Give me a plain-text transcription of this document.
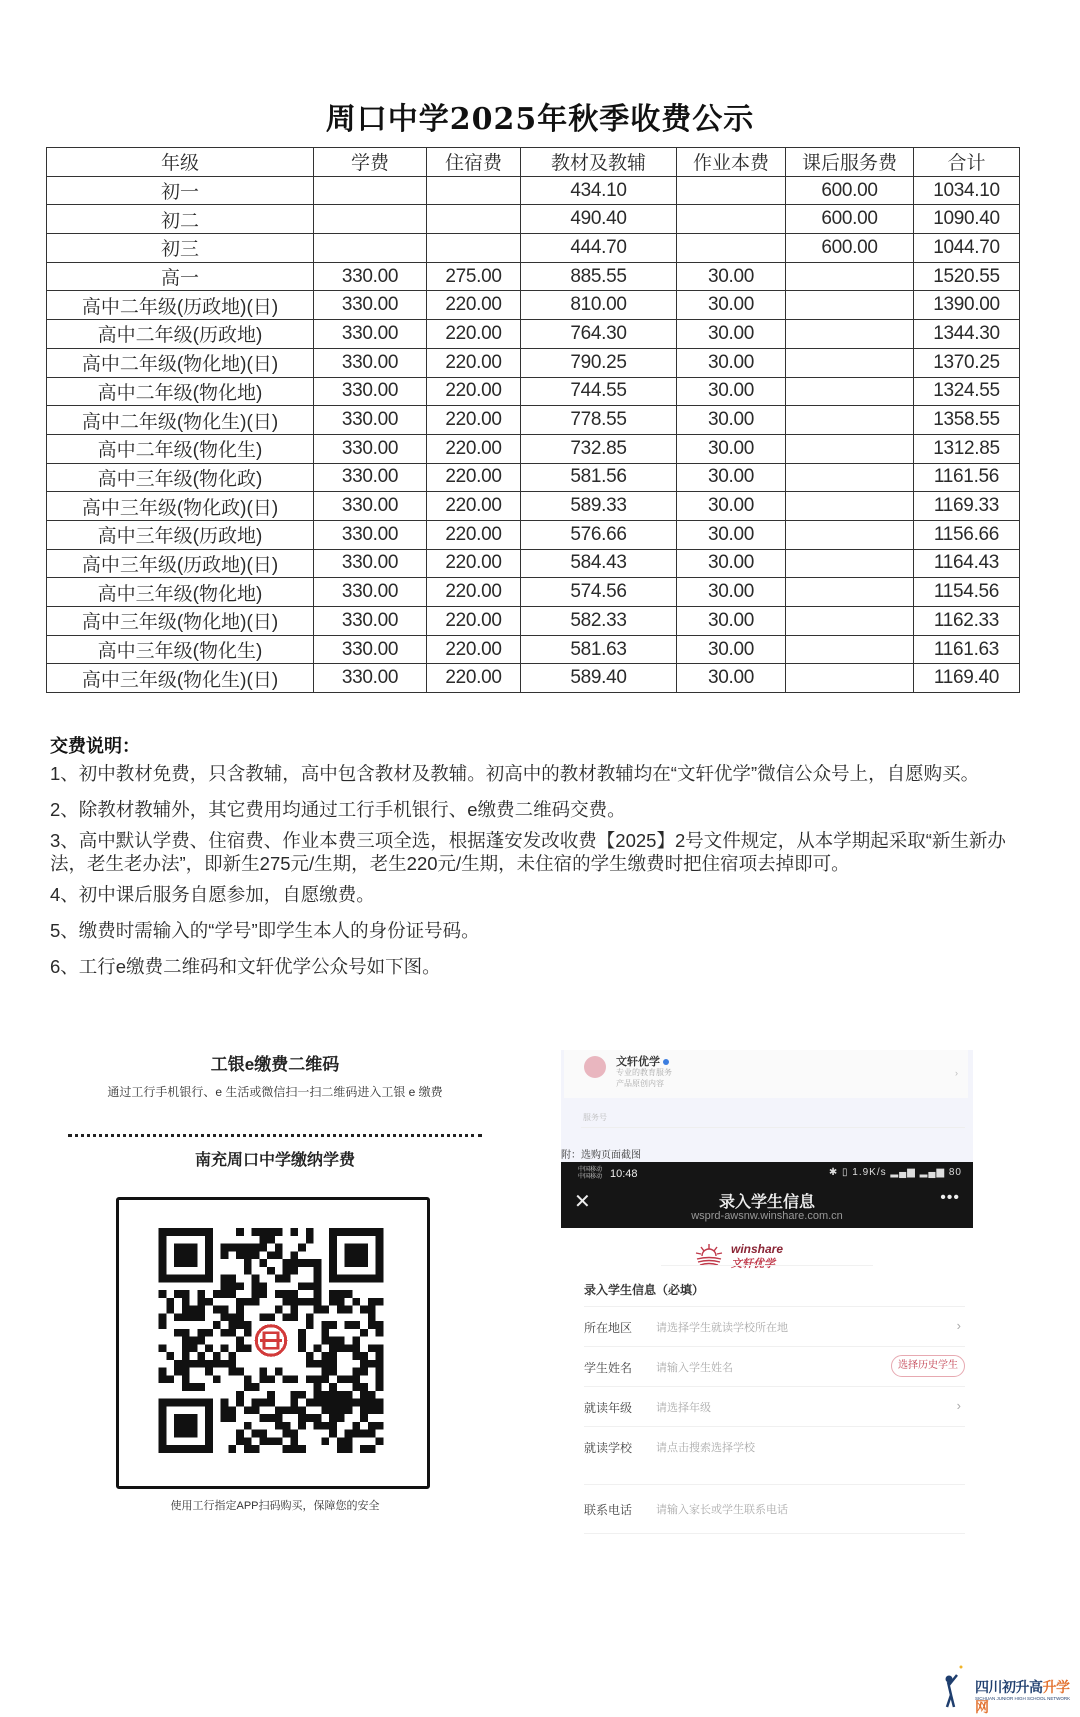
周口中学2025年秋季收费公示
年级	学费	住宿费	教材及教辅	作业本费	课后服务费	合计
初一			434.10		600.00	1034.10
初二			490.40		600.00	1090.40
初三			444.70		600.00	1044.70
高一	330.00	275.00	885.55	30.00		1520.55
高中二年级(历政地)(日)	330.00	220.00	810.00	30.00		1390.00
高中二年级(历政地)	330.00	220.00	764.30	30.00		1344.30
高中二年级(物化地)(日)	330.00	220.00	790.25	30.00		1370.25
高中二年级(物化地)	330.00	220.00	744.55	30.00		1324.55
高中二年级(物化生)(日)	330.00	220.00	778.55	30.00		1358.55
高中二年级(物化生)	330.00	220.00	732.85	30.00		1312.85
高中三年级(物化政)	330.00	220.00	581.56	30.00		1161.56
高中三年级(物化政)(日)	330.00	220.00	589.33	30.00		1169.33
高中三年级(历政地)	330.00	220.00	576.66	30.00		1156.66
高中三年级(历政地)(日)	330.00	220.00	584.43	30.00		1164.43
高中三年级(物化地)	330.00	220.00	574.56	30.00		1154.56
高中三年级(物化地)(日)	330.00	220.00	582.33	30.00		1162.33
高中三年级(物化生)	330.00	220.00	581.63	30.00		1161.63
高中三年级(物化生)(日)	330.00	220.00	589.40	30.00		1169.40
交费说明：

1、初中教材免费，只含教辅，高中包含教材及教辅。初高中的教材教辅均在“文轩优学”微信公众号上，自愿购买。

2、除教材教辅外，其它费用均通过工行手机银行、e缴费二维码交费。

3、高中默认学费、住宿费、作业本费三项全选，根据蓬安发改收费【2025】2号文件规定，从本学期起采取“新生新办法，老生老办法”，即新生275元/生期，老生220元/生期，未住宿的学生缴费时把住宿项去掉即可。

4、初中课后服务自愿参加，自愿缴费。

5、缴费时需输入的“学号”即学生本人的身份证号码。

6、工行e缴费二维码和文轩优学公众号如下图。

工银e缴费二维码
通过工行手机银行、e 生活或微信扫一扫二维码进入工银 e 缴费
南充周口中学缴纳学费
使用工行指定APP扫码购买，保障您的安全
文轩优学
专业的教育服务
产品原创内容
›
服务号
附：选购页面截图
中国移动
中国移动 10:48	✱ ▯ 1.9K/s ▂▄▆ ▂▄▆ 80
✕	录入学生信息
wsprd-awsnw.winshare.com.cn
•••
winshare
文轩优学
录入学生信息（必填）
所在地区 请选择学生就读学校所在地	›
学生姓名 请输入学生姓名	选择历史学生
就读年级 请选择年级	›
就读学校 请点击搜索选择学校
联系电话 请输入家长或学生联系电话
四川初升高升学网
SICHUAN JUNIOR HIGH SCHOOL NETWORK
